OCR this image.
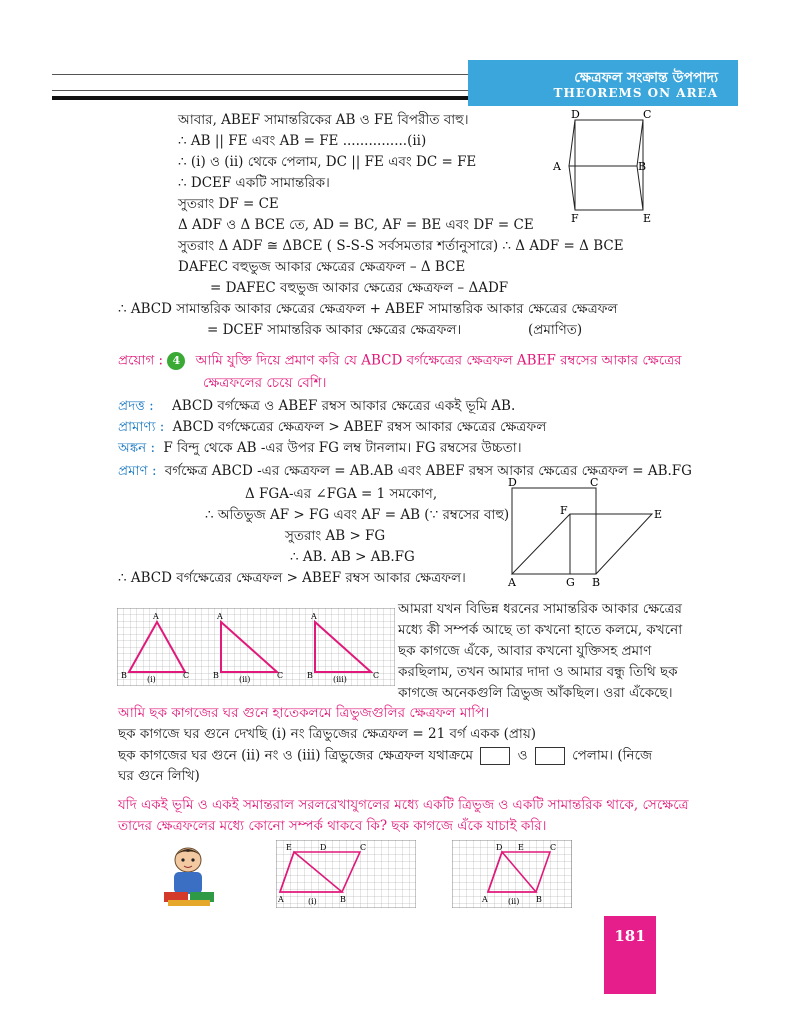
ক্ষেত্রফল সংক্রান্ত উপপাদ্য
THEOREMS ON AREA
আবার, ABEF সামান্তরিকের AB ও FE বিপরীত বাহু।
∴ AB || FE এবং AB = FE ...............(ii)
∴ (i) ও (ii) থেকে পেলাম, DC || FE এবং DC = FE
∴ DCEF একটি সামান্তরিক।
সুতরাং DF = CE
Δ ADF ও Δ BCE তে, AD = BC, AF = BE এবং DF = CE
সুতরাং Δ ADF ≅ ΔBCE ( S-S-S সর্বসমতার শর্তানুসারে) ∴ Δ ADF = Δ BCE
DAFEC বহুভুজ আকার ক্ষেত্রের ক্ষেত্রফল – Δ BCE
= DAFEC বহুভুজ আকার ক্ষেত্রের ক্ষেত্রফল – ΔADF
∴ ABCD সামান্তরিক আকার ক্ষেত্রের ক্ষেত্রফল + ABEF সামান্তরিক আকার ক্ষেত্রের ক্ষেত্রফল
= DCEF সামান্তরিক আকার ক্ষেত্রের ক্ষেত্রফল।	(প্রমাণিত)
D	C
A	B
F	E
প্রয়োগ : 4 আমি যুক্তি দিয়ে প্রমাণ করি যে ABCD বর্গক্ষেত্রের ক্ষেত্রফল ABEF রম্বসের আকার ক্ষেত্রের
ক্ষেত্রফলের চেয়ে বেশি।
প্রদত্ত : ABCD বর্গক্ষেত্র ও ABEF রম্বস আকার ক্ষেত্রের একই ভূমি AB.
প্রামাণ্য : ABCD বর্গক্ষেত্রের ক্ষেত্রফল > ABEF রম্বস আকার ক্ষেত্রের ক্ষেত্রফল
অঙ্কন : F বিন্দু থেকে AB -এর উপর FG লম্ব টানলাম। FG রম্বসের উচ্চতা।
প্রমাণ : বর্গক্ষেত্র ABCD -এর ক্ষেত্রফল = AB.AB এবং ABEF রম্বস আকার ক্ষেত্রের ক্ষেত্রফল = AB.FG
Δ FGA-এর ∠FGA = 1 সমকোণ,
∴ অতিভুজ AF > FG এবং AF = AB (∵ রম্বসের বাহু)
সুতরাং AB > FG
∴ AB. AB > AB.FG
∴ ABCD বর্গক্ষেত্রের ক্ষেত্রফল > ABEF রম্বস আকার ক্ষেত্রফল।
D	C
F	E
A	G B
A
B	C
(i)
A
B	C
(ii)
A
B	C
(iii)
আমরা যখন বিভিন্ন ধরনের সামান্তরিক আকার ক্ষেত্রের
মধ্যে কী সম্পর্ক আছে তা কখনো হাতে কলমে, কখনো
ছক কাগজে এঁকে, আবার কখনো যুক্তিসহ প্রমাণ
করছিলাম, তখন আমার দাদা ও আমার বন্ধু তিথি ছক
কাগজে অনেকগুলি ত্রিভুজ আঁকছিল। ওরা এঁকেছে।
আমি ছক কাগজের ঘর গুনে হাতেকলমে ত্রিভুজগুলির ক্ষেত্রফল মাপি।
ছক কাগজে ঘর গুনে দেখছি (i) নং ত্রিভুজের ক্ষেত্রফল = 21 বর্গ একক (প্রায়)
ছক কাগজের ঘর গুনে (ii) নং ও (iii) ত্রিভুজের ক্ষেত্রফল যথাক্রমে	ও	পেলাম। (নিজে
ঘর গুনে লিখি)
যদি একই ভূমি ও একই সমান্তরাল সরলরেখাযুগলের মধ্যে একটি ত্রিভুজ ও একটি সামান্তরিক থাকে, সেক্ষেত্রে
তাদের ক্ষেত্রফলের মধ্যে কোনো সম্পর্ক থাকবে কি? ছক কাগজে এঁকে যাচাই করি।
E	D	C
A	B
(i)
D E	C
A	B
(ii)
181
